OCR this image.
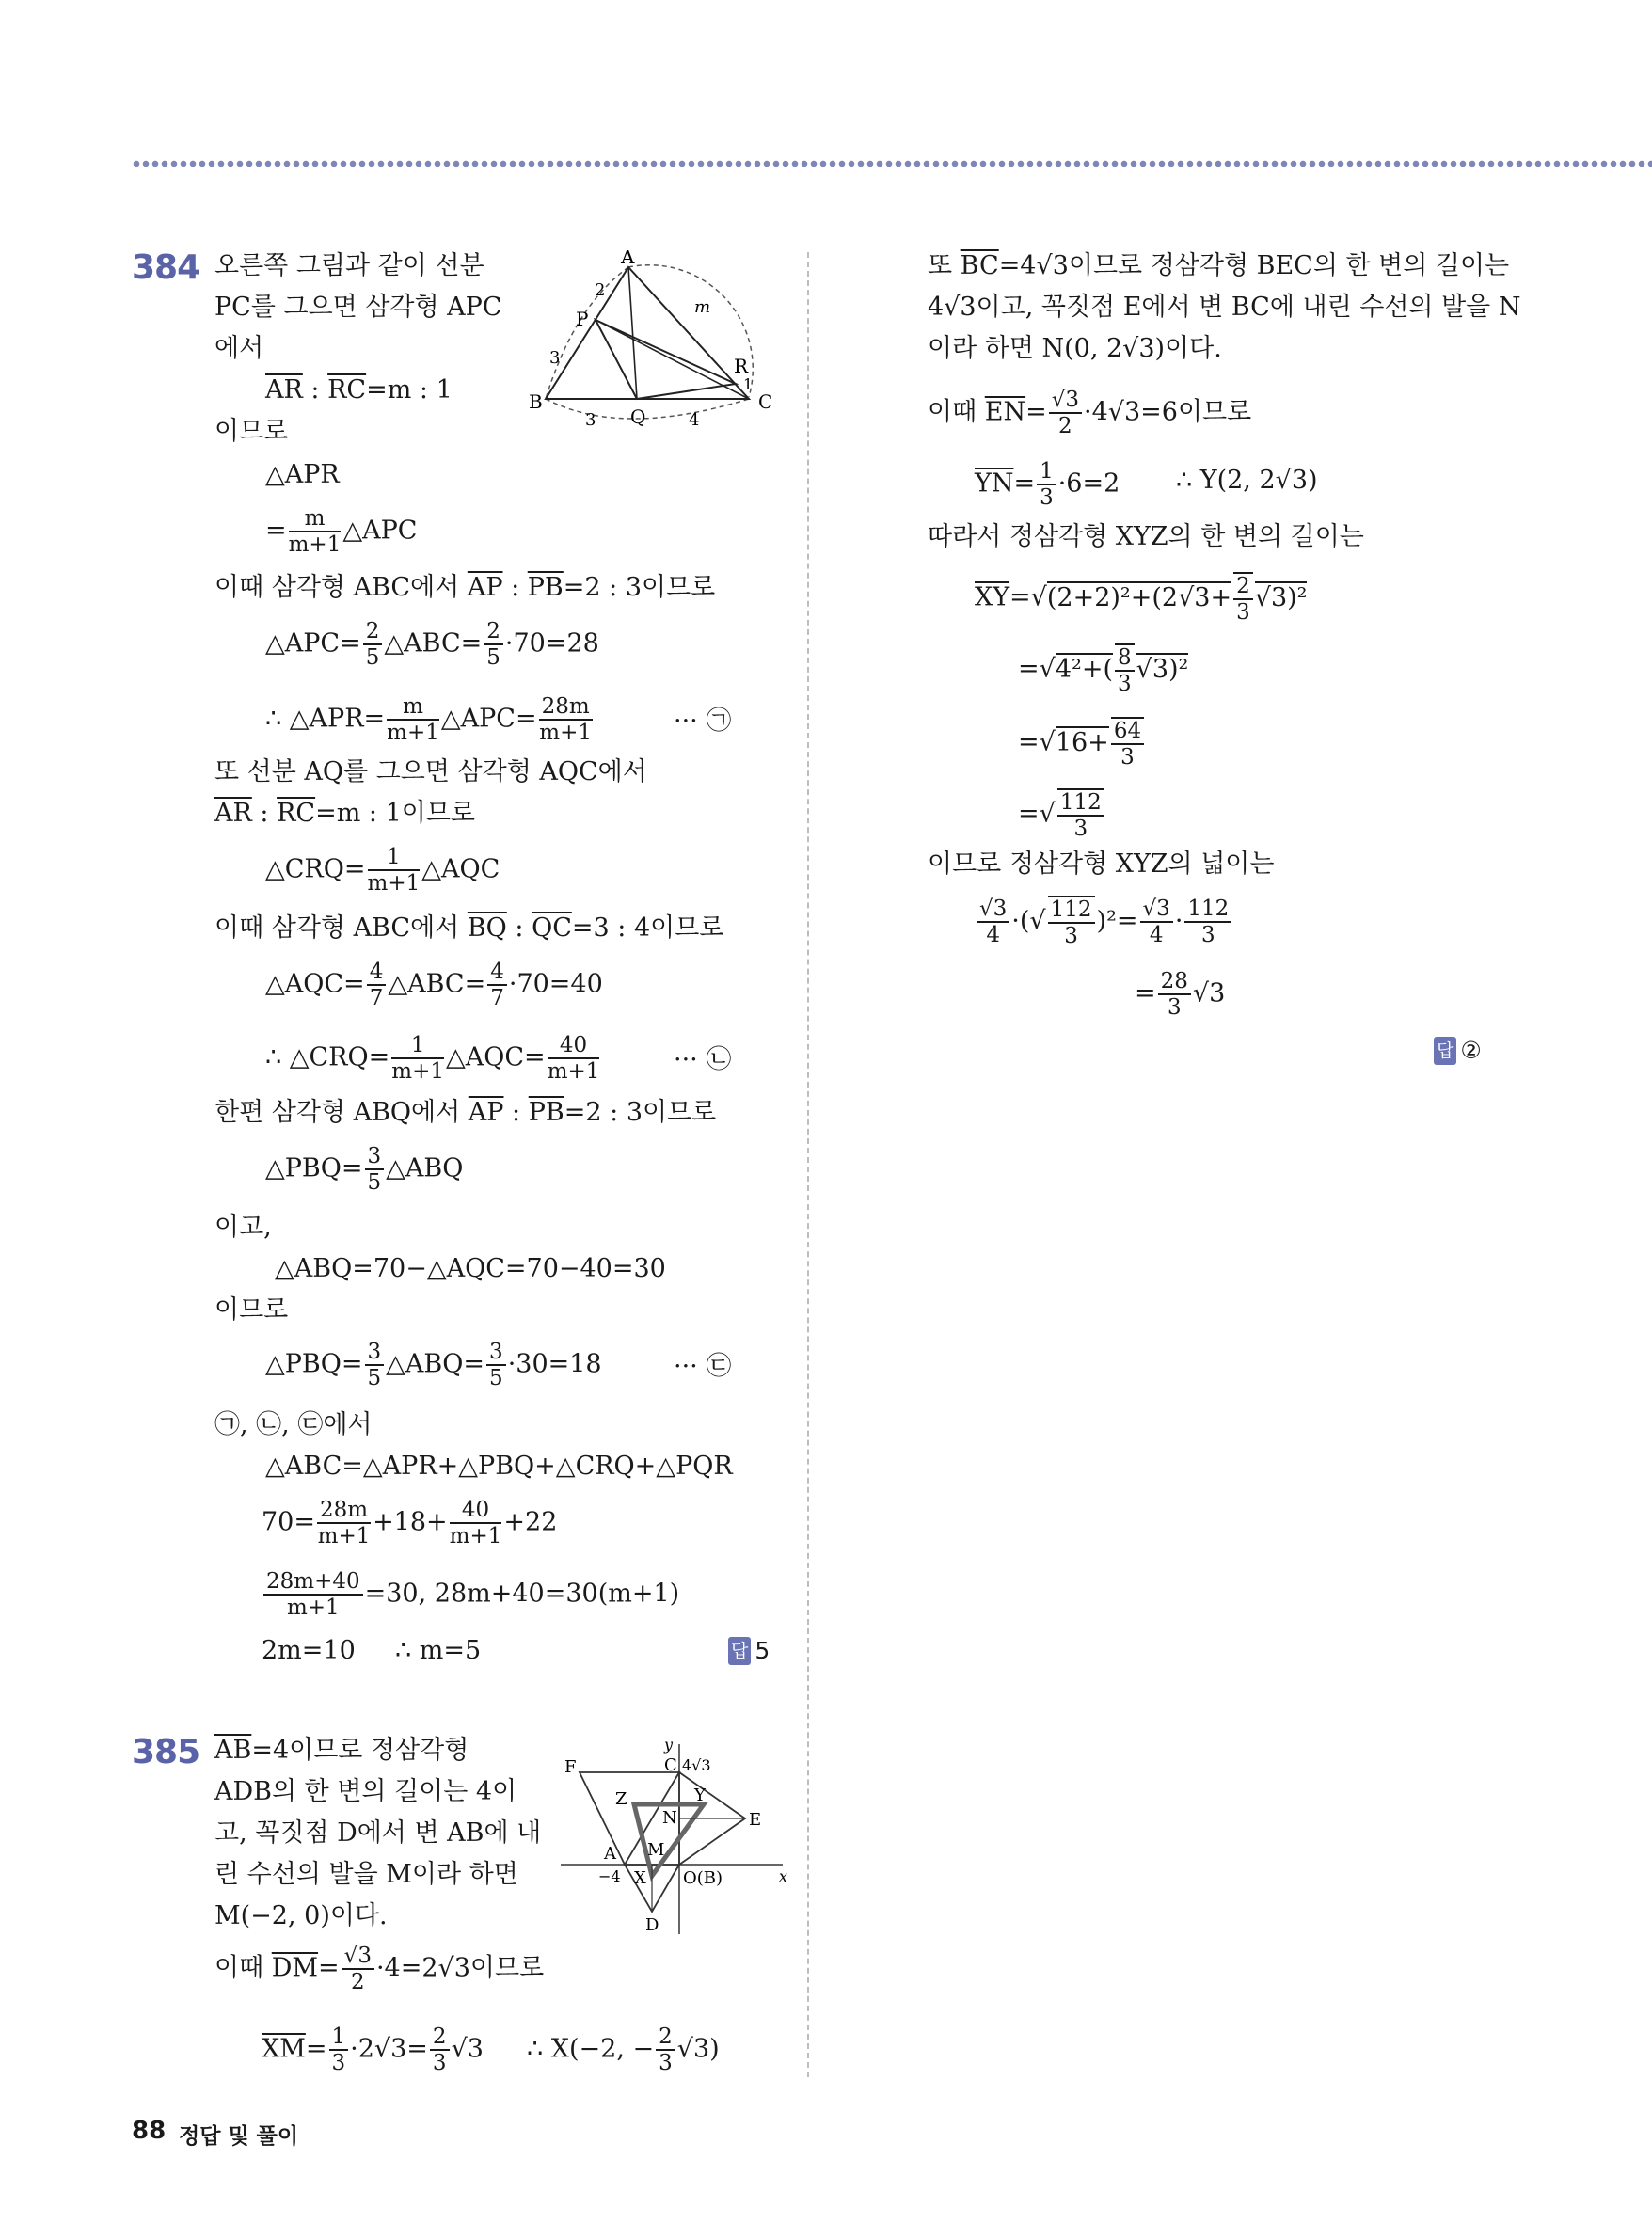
384 오른쪽 그림과 같이 선분
PC를 그으면 삼각형 APC
에서
$\overline{AR}$ : $\overline{RC}=m$ : 1
이므로
△APR
= $\frac{m}{m+1}$ △APC
이때 삼각형 ABC에서 $\overline{AP}$ : $\overline{PB}=2$ : 3이므로
△APC= $\frac{2}{5}$ △ABC= $\frac{2}{5} \cdot 70=28$
∴ △APR= $\frac{m}{m+1}$ △APC= $\frac{28m}{m+1}$	··· ㉠
또 선분 AQ를 그으면 삼각형 AQC에서
$\overline{AR}$ : $\overline{RC}=m$ : 1이므로
△CRQ= $\frac{1}{m+1}$ △AQC
이때 삼각형 ABC에서 $\overline{BQ}$ : $\overline{QC}=3$ : 4이므로
△AQC= $\frac{4}{7}$ △ABC= $\frac{4}{7} \cdot 70=40$
∴ △CRQ= $\frac{1}{m+1}$ △AQC= $\frac{40}{m+1}$	··· ㉡
한편 삼각형 ABQ에서 $\overline{AP}$ : $\overline{PB}=2$ : 3이므로
△PBQ= $\frac{3}{5}$ △ABQ
이고,
△ABQ=70−△AQC=70−40=30
이므로
△PBQ= $\frac{3}{5}$ △ABQ= $\frac{3}{5} \cdot 30=18$	··· ㉢
㉠, ㉡, ㉢에서
△ABC=△APR+△PBQ+△CRQ+△PQR
$70= \frac{28m}{m+1} +18+ \frac{40}{m+1} +22$
$\frac{28m+40}{m+1} =30$, 28m+40=30(m+1)
2m=10 ∴ m=5	답 5
A
B	C
P
Q
R
2
3
3	4
1
m
385 $\overline{AB}=4$이므로 정삼각형
ADB의 한 변의 길이는 4이
고, 꼭짓점 D에서 변 AB에 내
린 수선의 발을 M이라 하면
M(−2, 0)이다.
이때 $\overline{DM}= \frac{√3}{2} \cdot 4=2√3$이므로
$\overline{XM}= \frac{1}{3} \cdot 2√3= \frac{2}{3} √3$ ∴ X(−2, − $\frac{2}{3} √3$)
y
x
F	C 4√3
Z	Y
N	E
A M
−4 X O(B)
D
또 $\overline{BC}=4√3$이므로 정삼각형 BEC의 한 변의 길이는
4√3이고, 꼭짓점 E에서 변 BC에 내린 수선의 발을 N
이라 하면 N(0, 2√3)이다.
이때 $\overline{EN}= \frac{√3}{2} \cdot 4√3=6$이므로
$\overline{YN}= \frac{1}{3} \cdot 6=2$ ∴ Y(2, 2√3)
따라서 정삼각형 XYZ의 한 변의 길이는
$\overline{XY}=√(2+2)^2+(2√3+ \frac{2}{3} √3)^2$
$=√4^2+( \frac{8}{3} √3)^2$
$=√16+ \frac{64}{3}$
=√ $\frac{112}{3}$
이므로 정삼각형 XYZ의 넓이는
$\frac{√3}{4}$ ·(√ $\frac{112}{3} )^2= \frac{√3}{4} \cdot \frac{112}{3}$
= $\frac{28}{3} √3$
답 ②
88 정답 및 풀이
